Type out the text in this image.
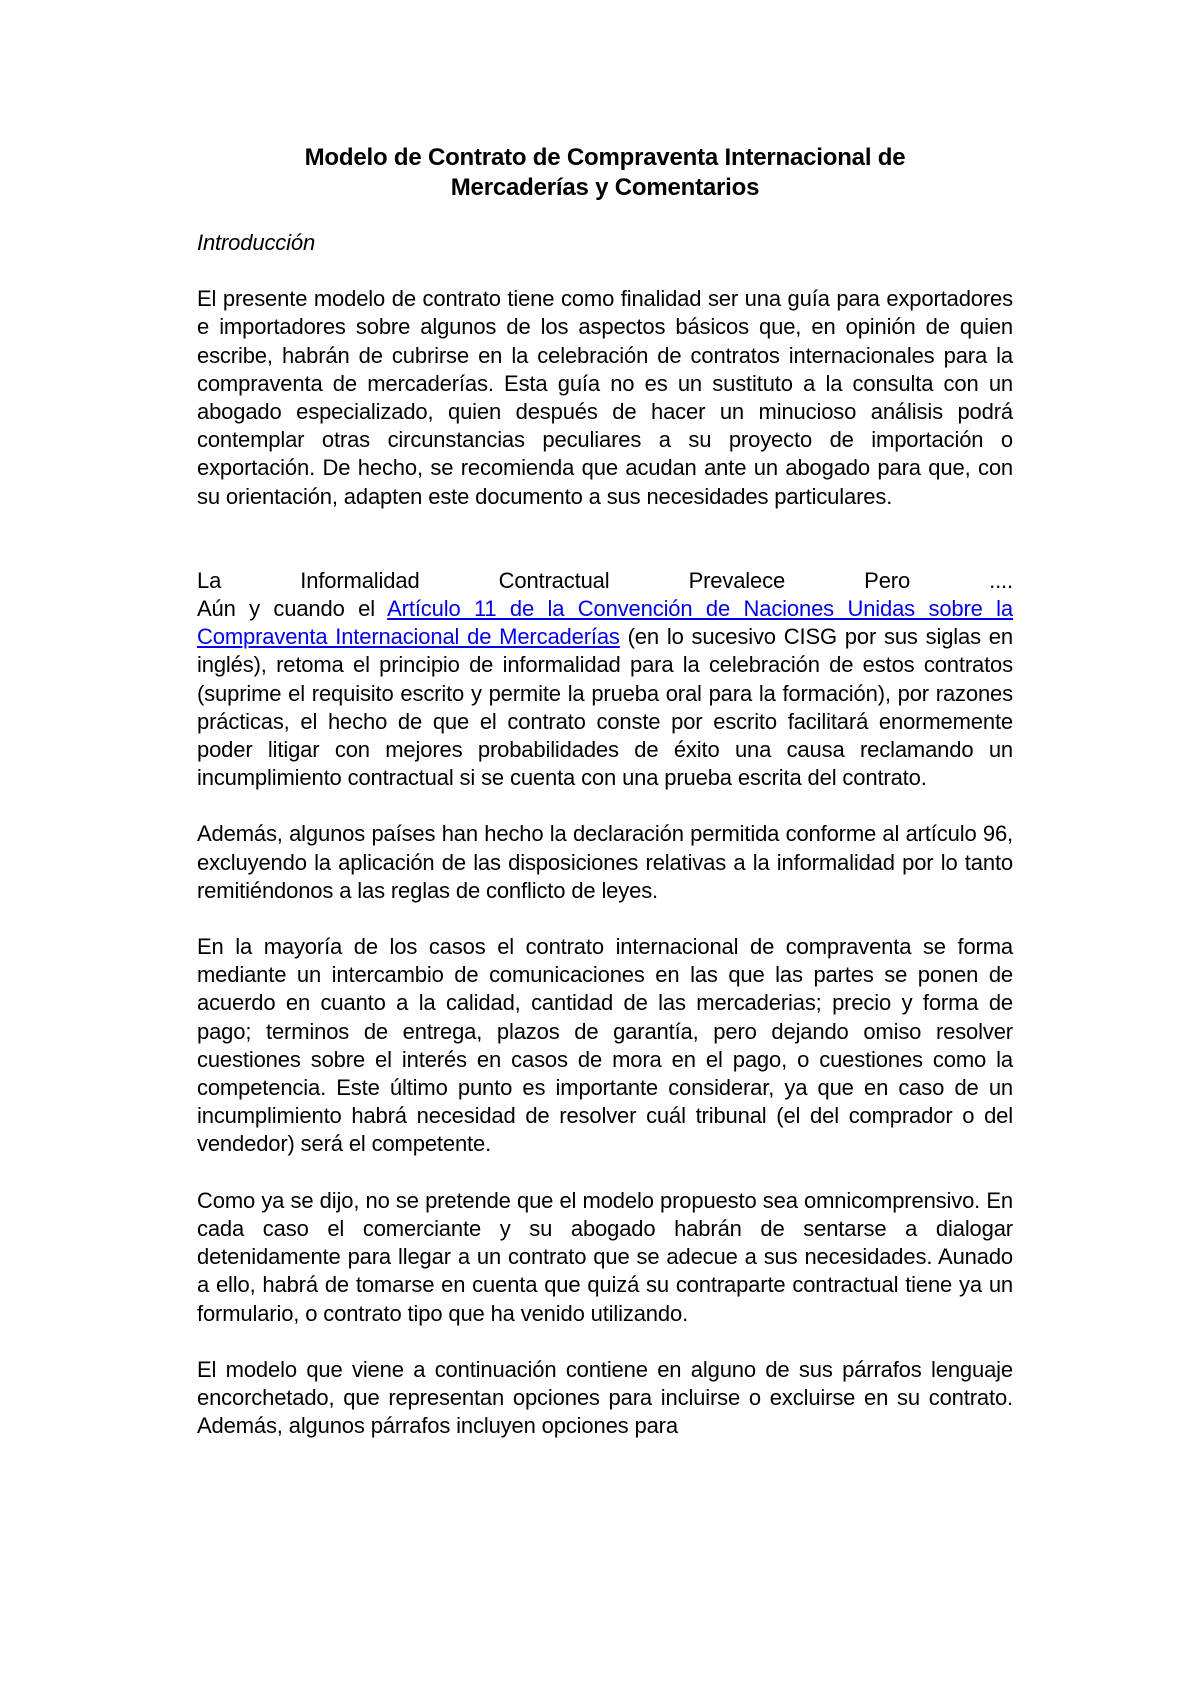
Modelo de Contrato de Compraventa Internacional de
Mercaderías y Comentarios
Introducción

El presente modelo de contrato tiene como finalidad ser una guía para exportadores e importadores sobre algunos de los aspectos básicos que, en opinión de quien escribe, habrán de cubrirse en la celebración de contratos internacionales para la compraventa de mercaderías. Esta guía no es un sustituto a la consulta con un abogado especializado, quien después de hacer un minucioso análisis podrá contemplar otras circunstancias peculiares a su proyecto de importación o exportación. De hecho, se recomienda que acudan ante un abogado para que, con su orientación, adapten este documento a sus necesidades particulares.

La Informalidad Contractual Prevalece Pero ....

Aún y cuando el Artículo 11 de la Convención de Naciones Unidas sobre la Compraventa Internacional de Mercaderías (en lo sucesivo CISG por sus siglas en inglés), retoma el principio de informalidad para la celebración de estos contratos (suprime el requisito escrito y permite la prueba oral para la formación), por razones prácticas, el hecho de que el contrato conste por escrito facilitará enormemente poder litigar con mejores probabilidades de éxito una causa reclamando un incumplimiento contractual si se cuenta con una prueba escrita del contrato.

Además, algunos países han hecho la declaración permitida conforme al artículo 96, excluyendo la aplicación de las disposiciones relativas a la informalidad por lo tanto remitiéndonos a las reglas de conflicto de leyes.

En la mayoría de los casos el contrato internacional de compraventa se forma mediante un intercambio de comunicaciones en las que las partes se ponen de acuerdo en cuanto a la calidad, cantidad de las mercaderias; precio y forma de pago; terminos de entrega, plazos de garantía, pero dejando omiso resolver cuestiones sobre el interés en casos de mora en el pago, o cuestiones como la competencia. Este último punto es importante considerar, ya que en caso de un incumplimiento habrá necesidad de resolver cuál tribunal (el del comprador o del vendedor) será el competente.

Como ya se dijo, no se pretende que el modelo propuesto sea omnicomprensivo. En cada caso el comerciante y su abogado habrán de sentarse a dialogar detenidamente para llegar a un contrato que se adecue a sus necesidades. Aunado a ello, habrá de tomarse en cuenta que quizá su contraparte contractual tiene ya un formulario, o contrato tipo que ha venido utilizando.

El modelo que viene a continuación contiene en alguno de sus párrafos lenguaje encorchetado, que representan opciones para incluirse o excluirse en su contrato. Además, algunos párrafos incluyen opciones para
